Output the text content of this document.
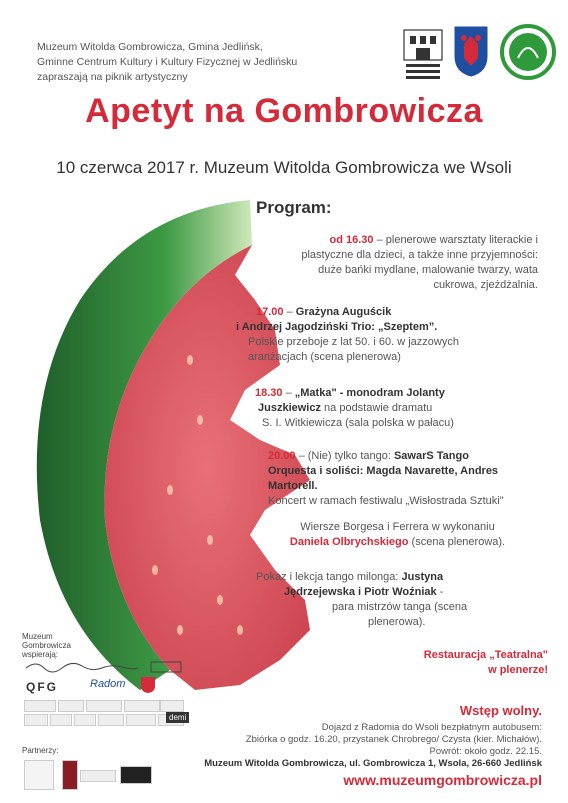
Muzeum Witolda Gombrowicza, Gmina Jedlińsk,
Gminne Centrum Kultury i Kultury Fizycznej w Jedlińsku
zapraszają na piknik artystyczny
Apetyt na Gombrowicza
10 czerwca 2017 r. Muzeum Witolda Gombrowicza we Wsoli
Program:
od 16.30 – plenerowe warsztaty literackie i
plastyczne dla dzieci, a także inne przyjemności:
duże bańki mydlane, malowanie twarzy, wata
cukrowa, zjeżdżalnia.
17.00 – Grażyna Auguścik
i Andrzej Jagodziński Trio: „Szeptem”.
Polskie przeboje z lat 50. i 60. w jazzowych
aranżacjach (scena plenerowa)
18.30 – „Matka" - monodram Jolanty
Juszkiewicz na podstawie dramatu
S. I. Witkiewicza (sala polska w pałacu)
20.00 – (Nie) tylko tango: SawarS Tango
Orquesta i soliści: Magda Navarette, Andres
Martorell.
Koncert w ramach festiwalu „Wisłostrada Sztuki"
Wiersze Borgesa i Ferrera w wykonaniu
Daniela Olbrychskiego (scena plenerowa).
Pokaz i lekcja tango milonga: Justyna
Jędrzejewska i Piotr Woźniak -
para mistrzów tanga (scena
plenerowa).
Restauracja „Teatralna"
w plenerze!
Wstęp wolny.
Dojazd z Radomia do Wsoli bezpłatnym autobusem:
Zbiórka o godz. 16.20, przystanek Chrobrego/ Czysta (kier. Michałów).
Powrót: około godz. 22.15.
Muzeum Witolda Gombrowicza, ul. Gombrowicza 1, Wsola, 26-660 Jedlińsk
www.muzeumgombrowicza.pl
Muzeum
Gombrowicza
wspierają:
QFG	Radom
demi
Partnerzy:
